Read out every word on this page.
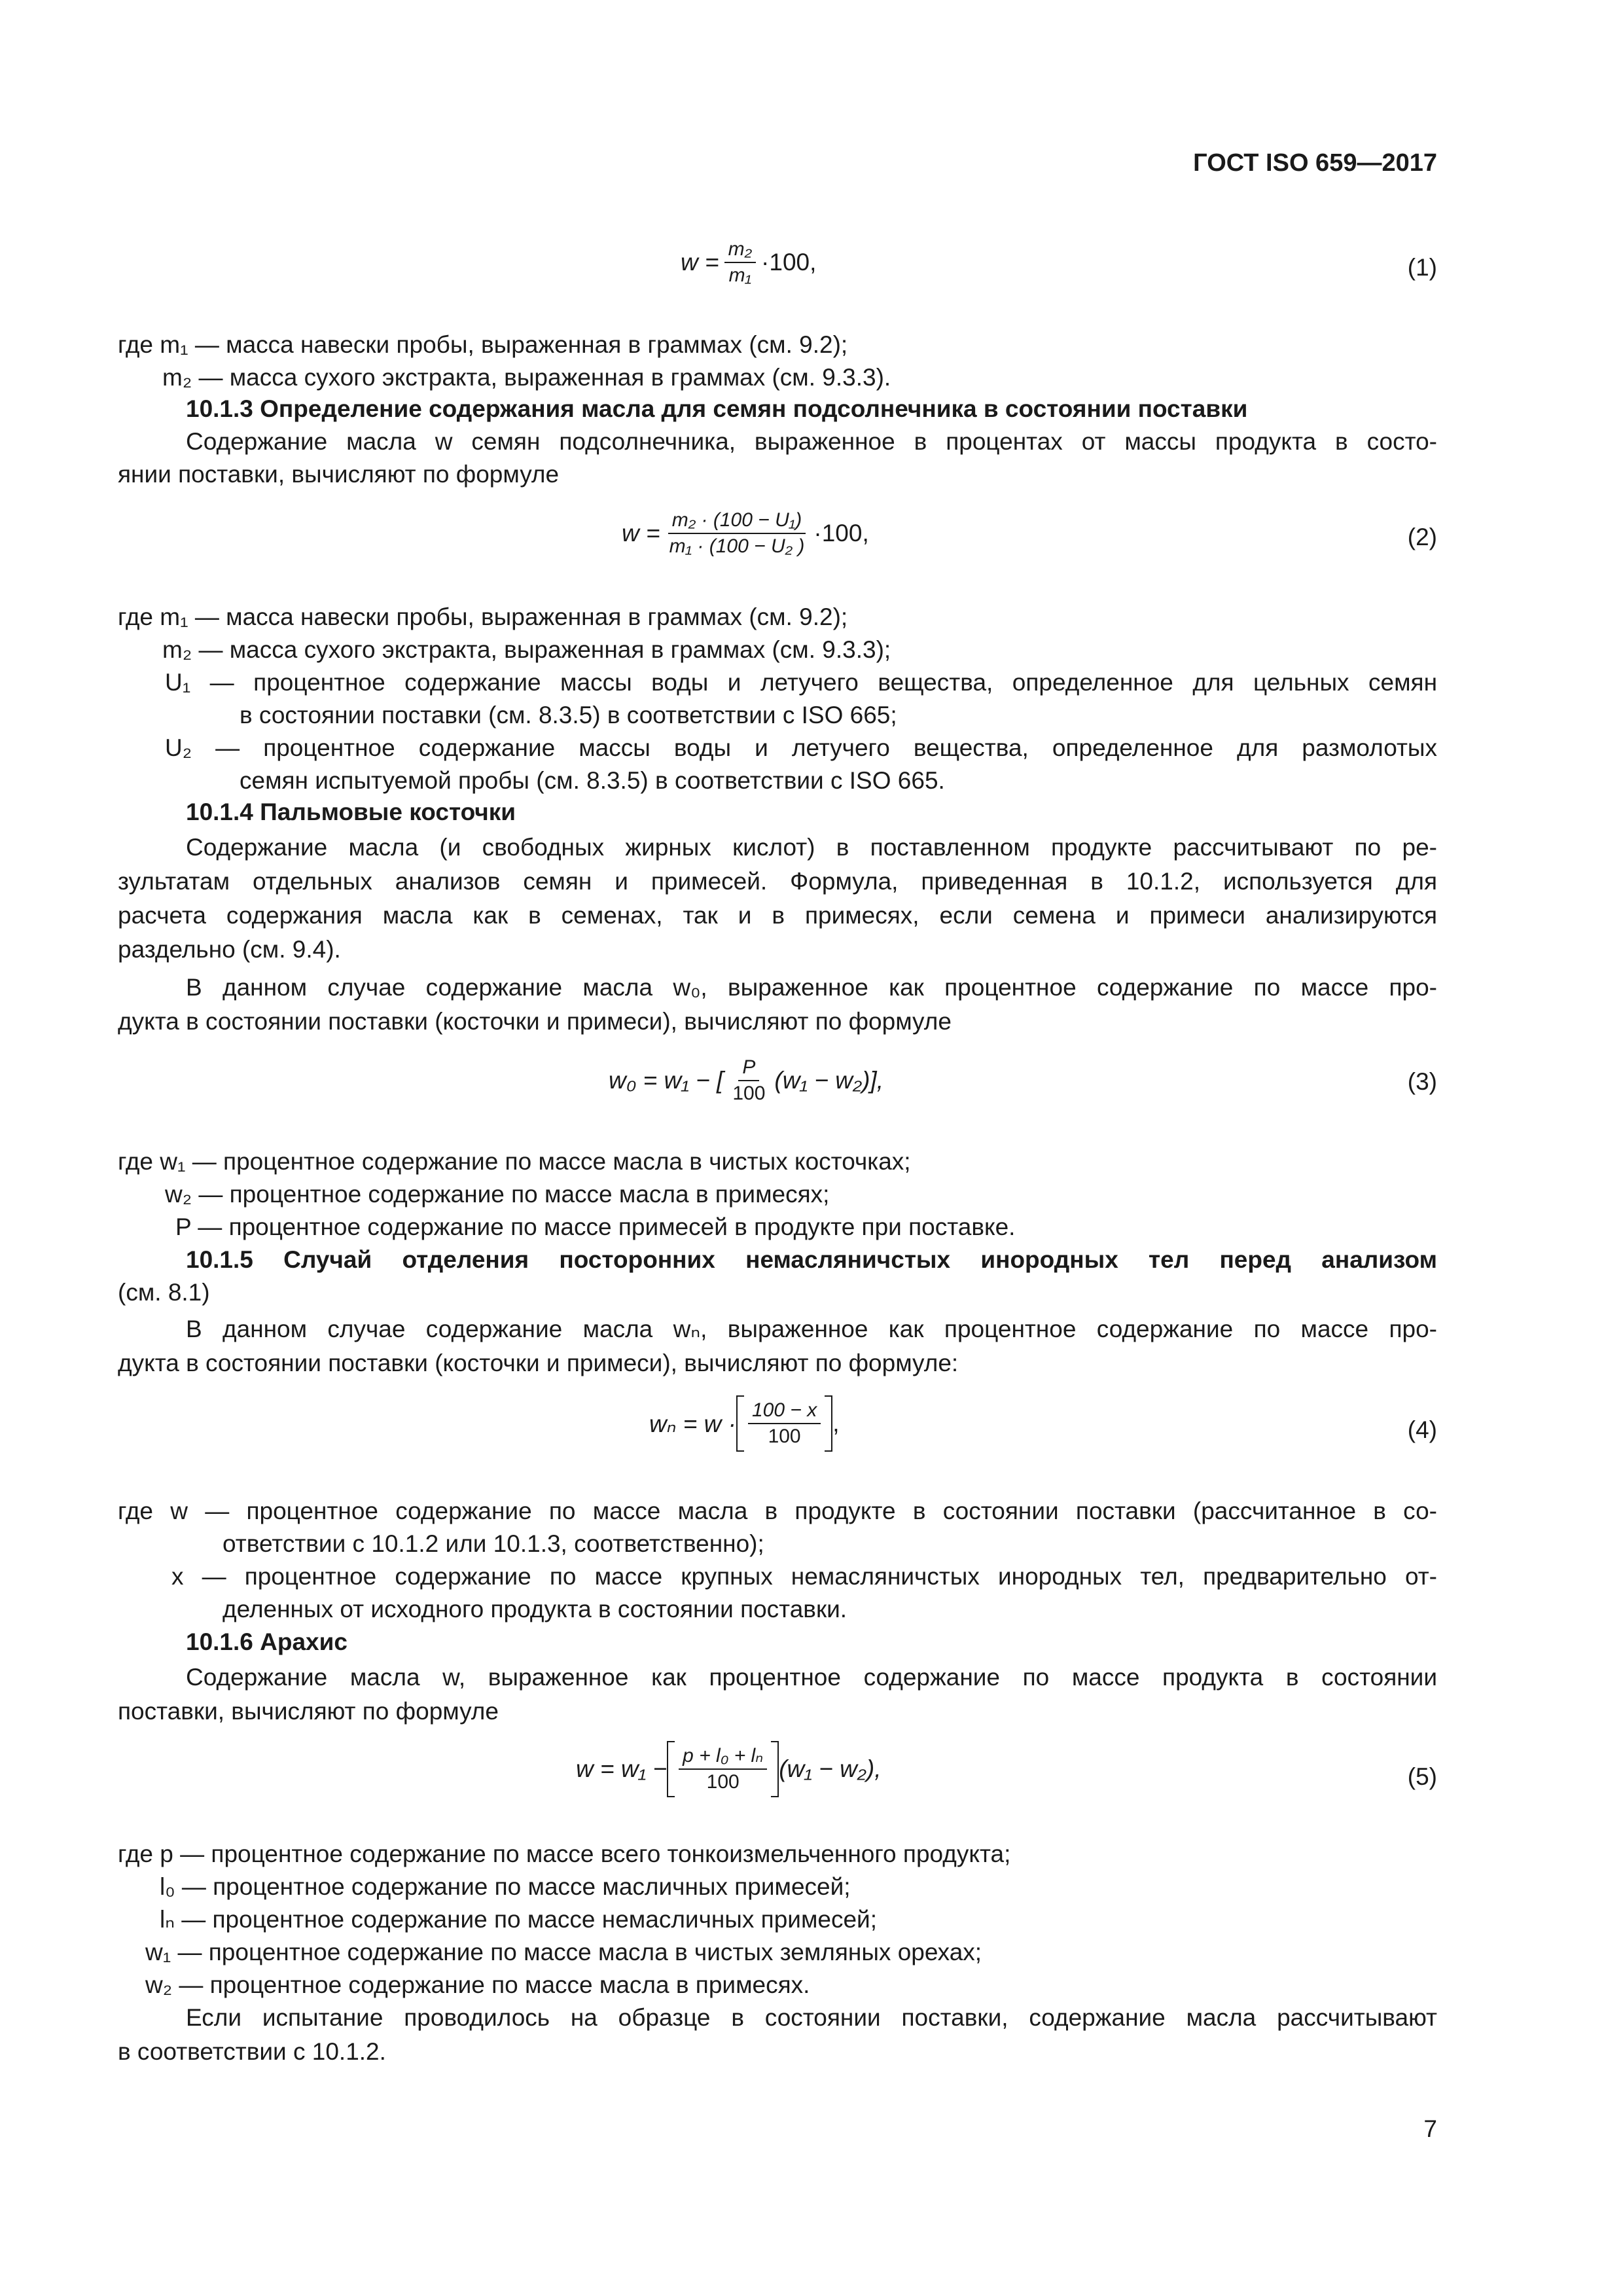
ГОСТ ISO 659—2017
$w = \frac{\text{m₂}}{\text{m₁}} \cdot 100$,	(1)
где m₁ — масса навески пробы, выраженная в граммах (см. 9.2);
m₂ — масса сухого экстракта, выраженная в граммах (см. 9.3.3).
10.1.3 Определение содержания масла для семян подсолнечника в состоянии поставки
Содержание масла w семян подсолнечника, выраженное в процентах от массы продукта в состо-
янии поставки, вычисляют по формуле
$w = \frac{\text{m₂ · (100 − U₁)}}{\text{m₁ · (100 − U₂ )}} \cdot 100$,	(2)
где m₁ — масса навески пробы, выраженная в граммах (см. 9.2);
m₂ — масса сухого экстракта, выраженная в граммах (см. 9.3.3);
U₁ — процентное содержание массы воды и летучего вещества, определенное для цельных семян
в состоянии поставки (см. 8.3.5) в соответствии с ISO 665;
U₂ — процентное содержание массы воды и летучего вещества, определенное для размолотых
семян испытуемой пробы (см. 8.3.5) в соответствии с ISO 665.
10.1.4 Пальмовые косточки
Содержание масла (и свободных жирных кислот) в поставленном продукте рассчитывают по ре-
зультатам отдельных анализов семян и примесей. Формула, приведенная в 10.1.2, используется для
расчета содержания масла как в семенах, так и в примесях, если семена и примеси анализируются
раздельно (см. 9.4).
В данном случае содержание масла w₀, выраженное как процентное содержание по массе про-
дукта в состоянии поставки (косточки и примеси), вычисляют по формуле
w₀ = w₁ − [ $\frac{P}{100} (w_1 - w_2)$],	(3)
где w₁ — процентное содержание по массе масла в чистых косточках;
w₂ — процентное содержание по массе масла в примесях;
P — процентное содержание по массе примесей в продукте при поставке.
10.1.5 Случай отделения посторонних немасляничстых инородных тел перед анализом
(см. 8.1)
В данном случае содержание масла wₙ, выраженное как процентное содержание по массе про-
дукта в состоянии поставки (косточки и примеси), вычисляют по формуле:
$w_n = w \cdot \frac{100 - x}{100}$ ,	(4)
где w — процентное содержание по массе масла в продукте в состоянии поставки (рассчитанное в со-
ответствии с 10.1.2 или 10.1.3, соответственно);
x — процентное содержание по массе крупных немасляничстых инородных тел, предварительно от-
деленных от исходного продукта в состоянии поставки.
10.1.6 Арахис
Содержание масла w, выраженное как процентное содержание по массе продукта в состоянии
поставки, вычисляют по формуле
$w = w_1 - \frac{\text{p + l₀ + lₙ}}{100} (w_1 - w_2)$,	(5)
где p — процентное содержание по массе всего тонкоизмельченного продукта;
l₀ — процентное содержание по массе масличных примесей;
lₙ — процентное содержание по массе немасличных примесей;
w₁ — процентное содержание по массе масла в чистых земляных орехах;
w₂ — процентное содержание по массе масла в примесях.
Если испытание проводилось на образце в состоянии поставки, содержание масла рассчитывают
в соответствии с 10.1.2.
7
